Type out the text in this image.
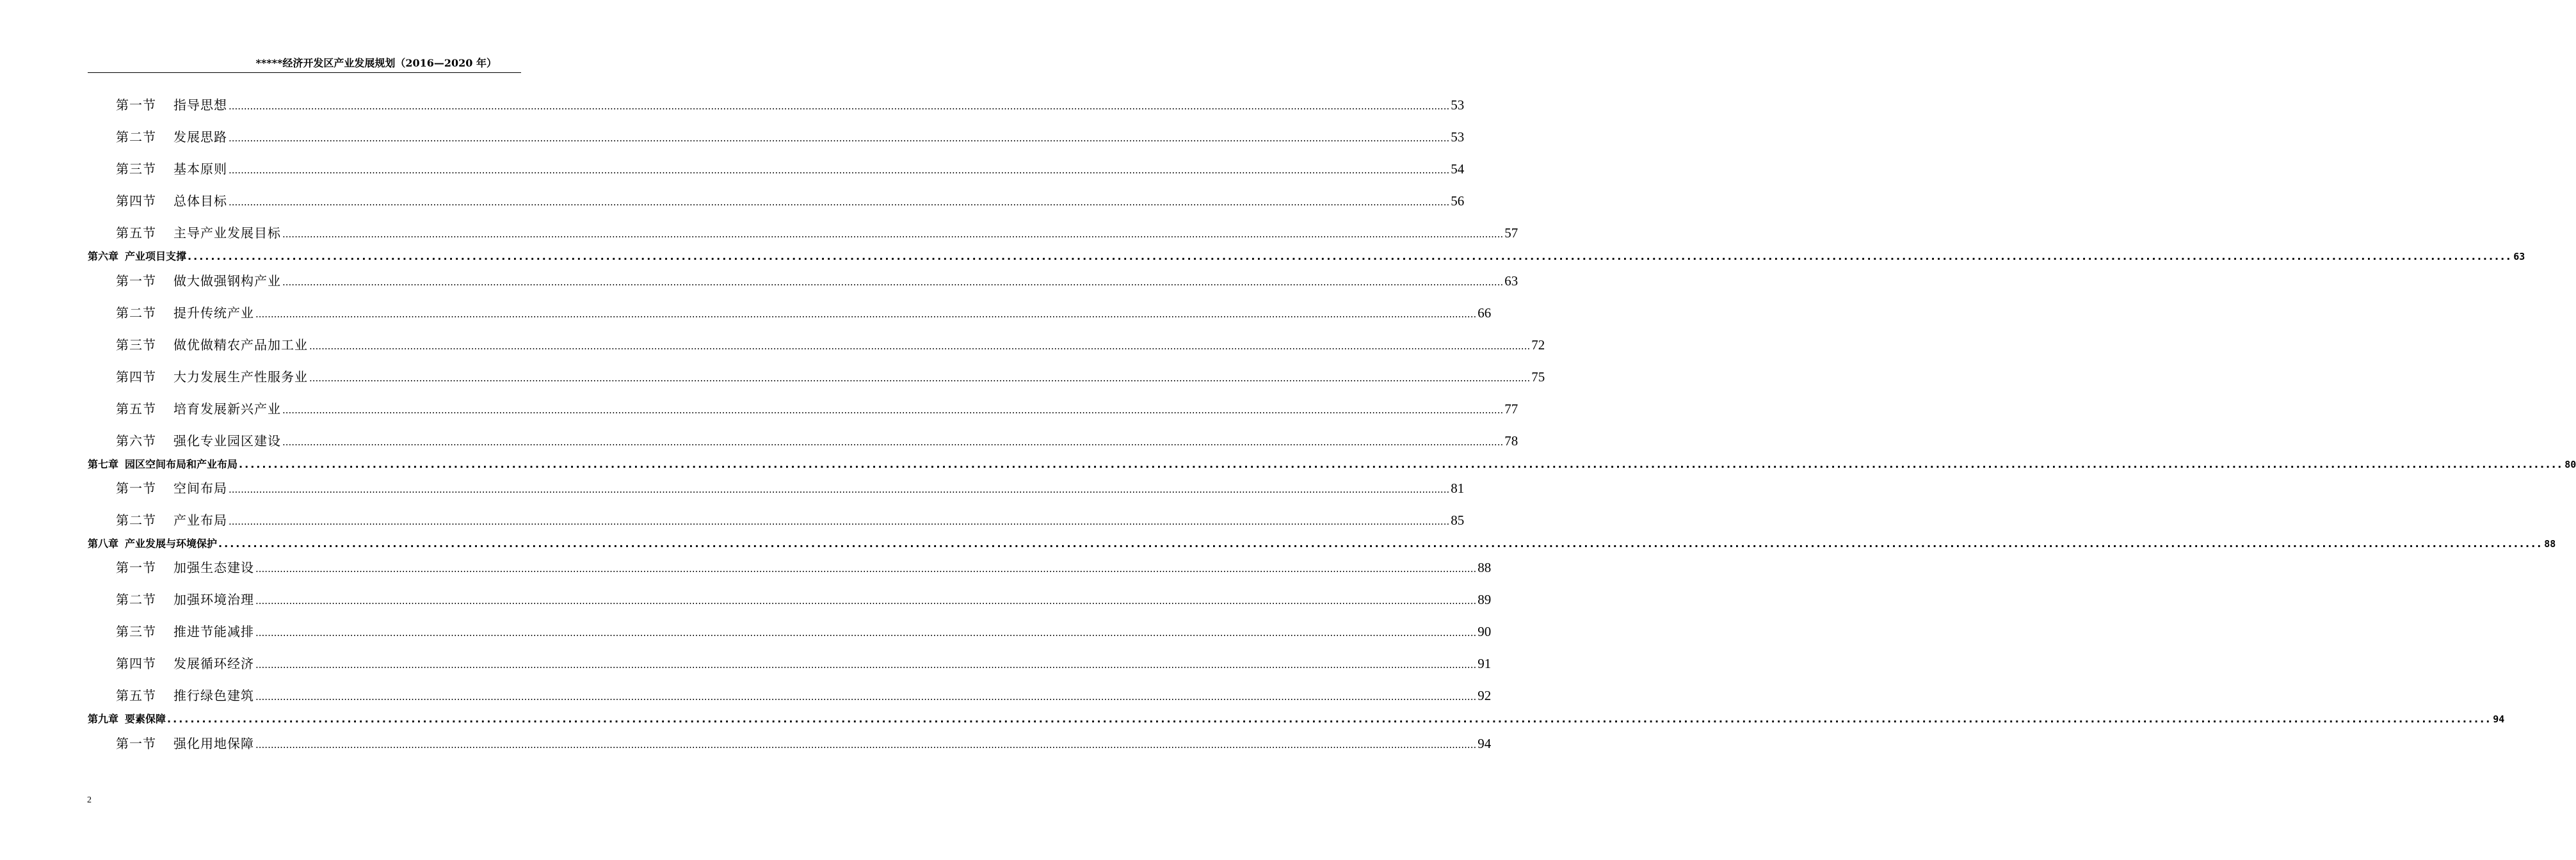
*****经济开发区产业发展规划（2016—2020 年）
第一节	指导思想 ................................................................................................................................................................................................................................................................................................................................................................................................................ 53
第二节	发展思路 ................................................................................................................................................................................................................................................................................................................................................................................................................ 53
第三节	基本原则 ................................................................................................................................................................................................................................................................................................................................................................................................................ 54
第四节	总体目标 ................................................................................................................................................................................................................................................................................................................................................................................................................ 56
第五节	主导产业发展目标 ................................................................................................................................................................................................................................................................................................................................................................................................................ 57
第六章 产业项目支撑 ................................................................................................................................................................................................................................................................................................................................................................................................................ 63
第一节	做大做强钢构产业 ................................................................................................................................................................................................................................................................................................................................................................................................................ 63
第二节	提升传统产业 ................................................................................................................................................................................................................................................................................................................................................................................................................ 66
第三节	做优做精农产品加工业 ................................................................................................................................................................................................................................................................................................................................................................................................................ 72
第四节	大力发展生产性服务业 ................................................................................................................................................................................................................................................................................................................................................................................................................ 75
第五节	培育发展新兴产业 ................................................................................................................................................................................................................................................................................................................................................................................................................ 77
第六节	强化专业园区建设 ................................................................................................................................................................................................................................................................................................................................................................................................................ 78
第七章 园区空间布局和产业布局 ................................................................................................................................................................................................................................................................................................................................................................................................................ 80
第一节	空间布局 ................................................................................................................................................................................................................................................................................................................................................................................................................ 81
第二节	产业布局 ................................................................................................................................................................................................................................................................................................................................................................................................................ 85
第八章 产业发展与环境保护 ................................................................................................................................................................................................................................................................................................................................................................................................................ 88
第一节	加强生态建设 ................................................................................................................................................................................................................................................................................................................................................................................................................ 88
第二节	加强环境治理 ................................................................................................................................................................................................................................................................................................................................................................................................................ 89
第三节	推进节能减排 ................................................................................................................................................................................................................................................................................................................................................................................................................ 90
第四节	发展循环经济 ................................................................................................................................................................................................................................................................................................................................................................................................................ 91
第五节	推行绿色建筑 ................................................................................................................................................................................................................................................................................................................................................................................................................ 92
第九章 要素保障 ................................................................................................................................................................................................................................................................................................................................................................................................................ 94
第一节	强化用地保障 ................................................................................................................................................................................................................................................................................................................................................................................................................ 94
2
